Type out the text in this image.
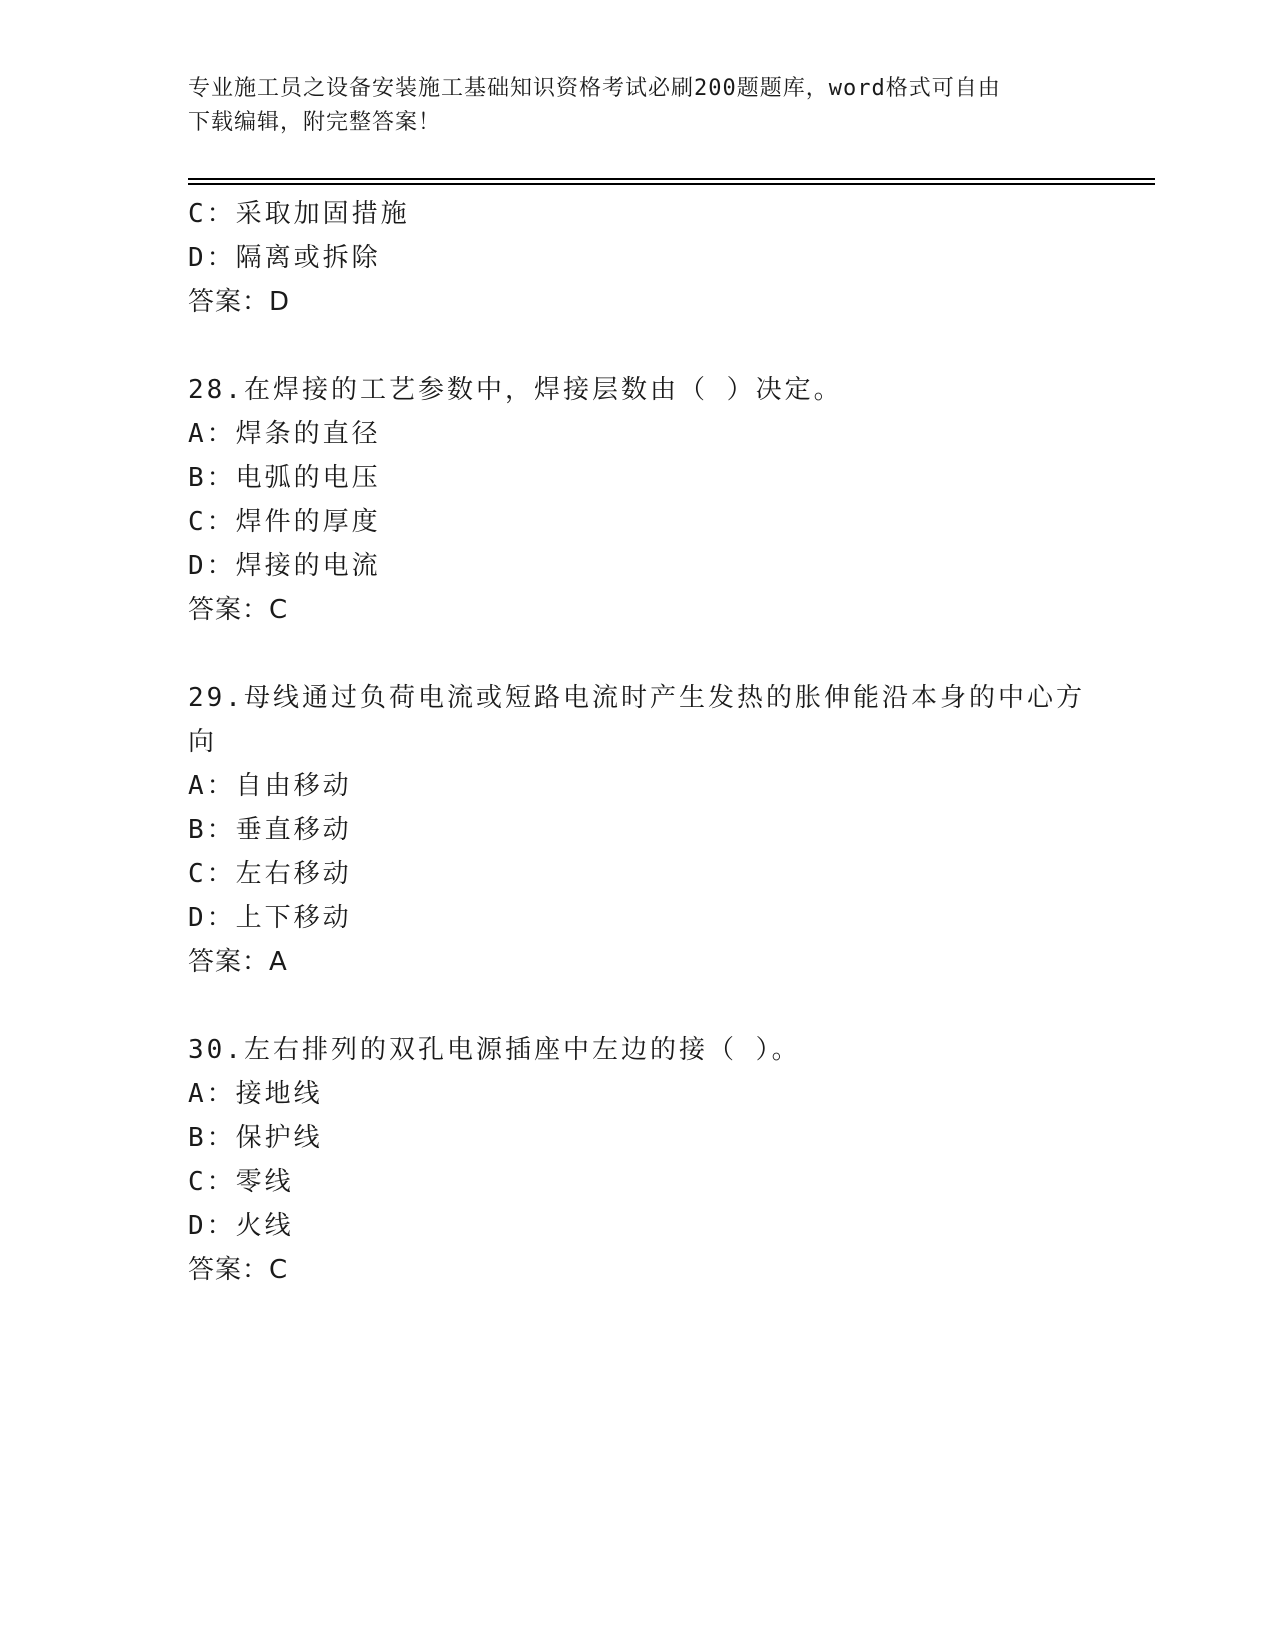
专业施工员之设备安装施工基础知识资格考试必刷200题题库，word格式可自由
下载编辑，附完整答案！
C：采取加固措施
D：隔离或拆除
答案：D
28.在焊接的工艺参数中，焊接层数由（ ）决定。
A：焊条的直径
B：电弧的电压
C：焊件的厚度
D：焊接的电流
答案：C
29.母线通过负荷电流或短路电流时产生发热的胀伸能沿本身的中心方
向
A：自由移动
B：垂直移动
C：左右移动
D：上下移动
答案：A
30.左右排列的双孔电源插座中左边的接（ ）。
A：接地线
B：保护线
C：零线
D：火线
答案：C
